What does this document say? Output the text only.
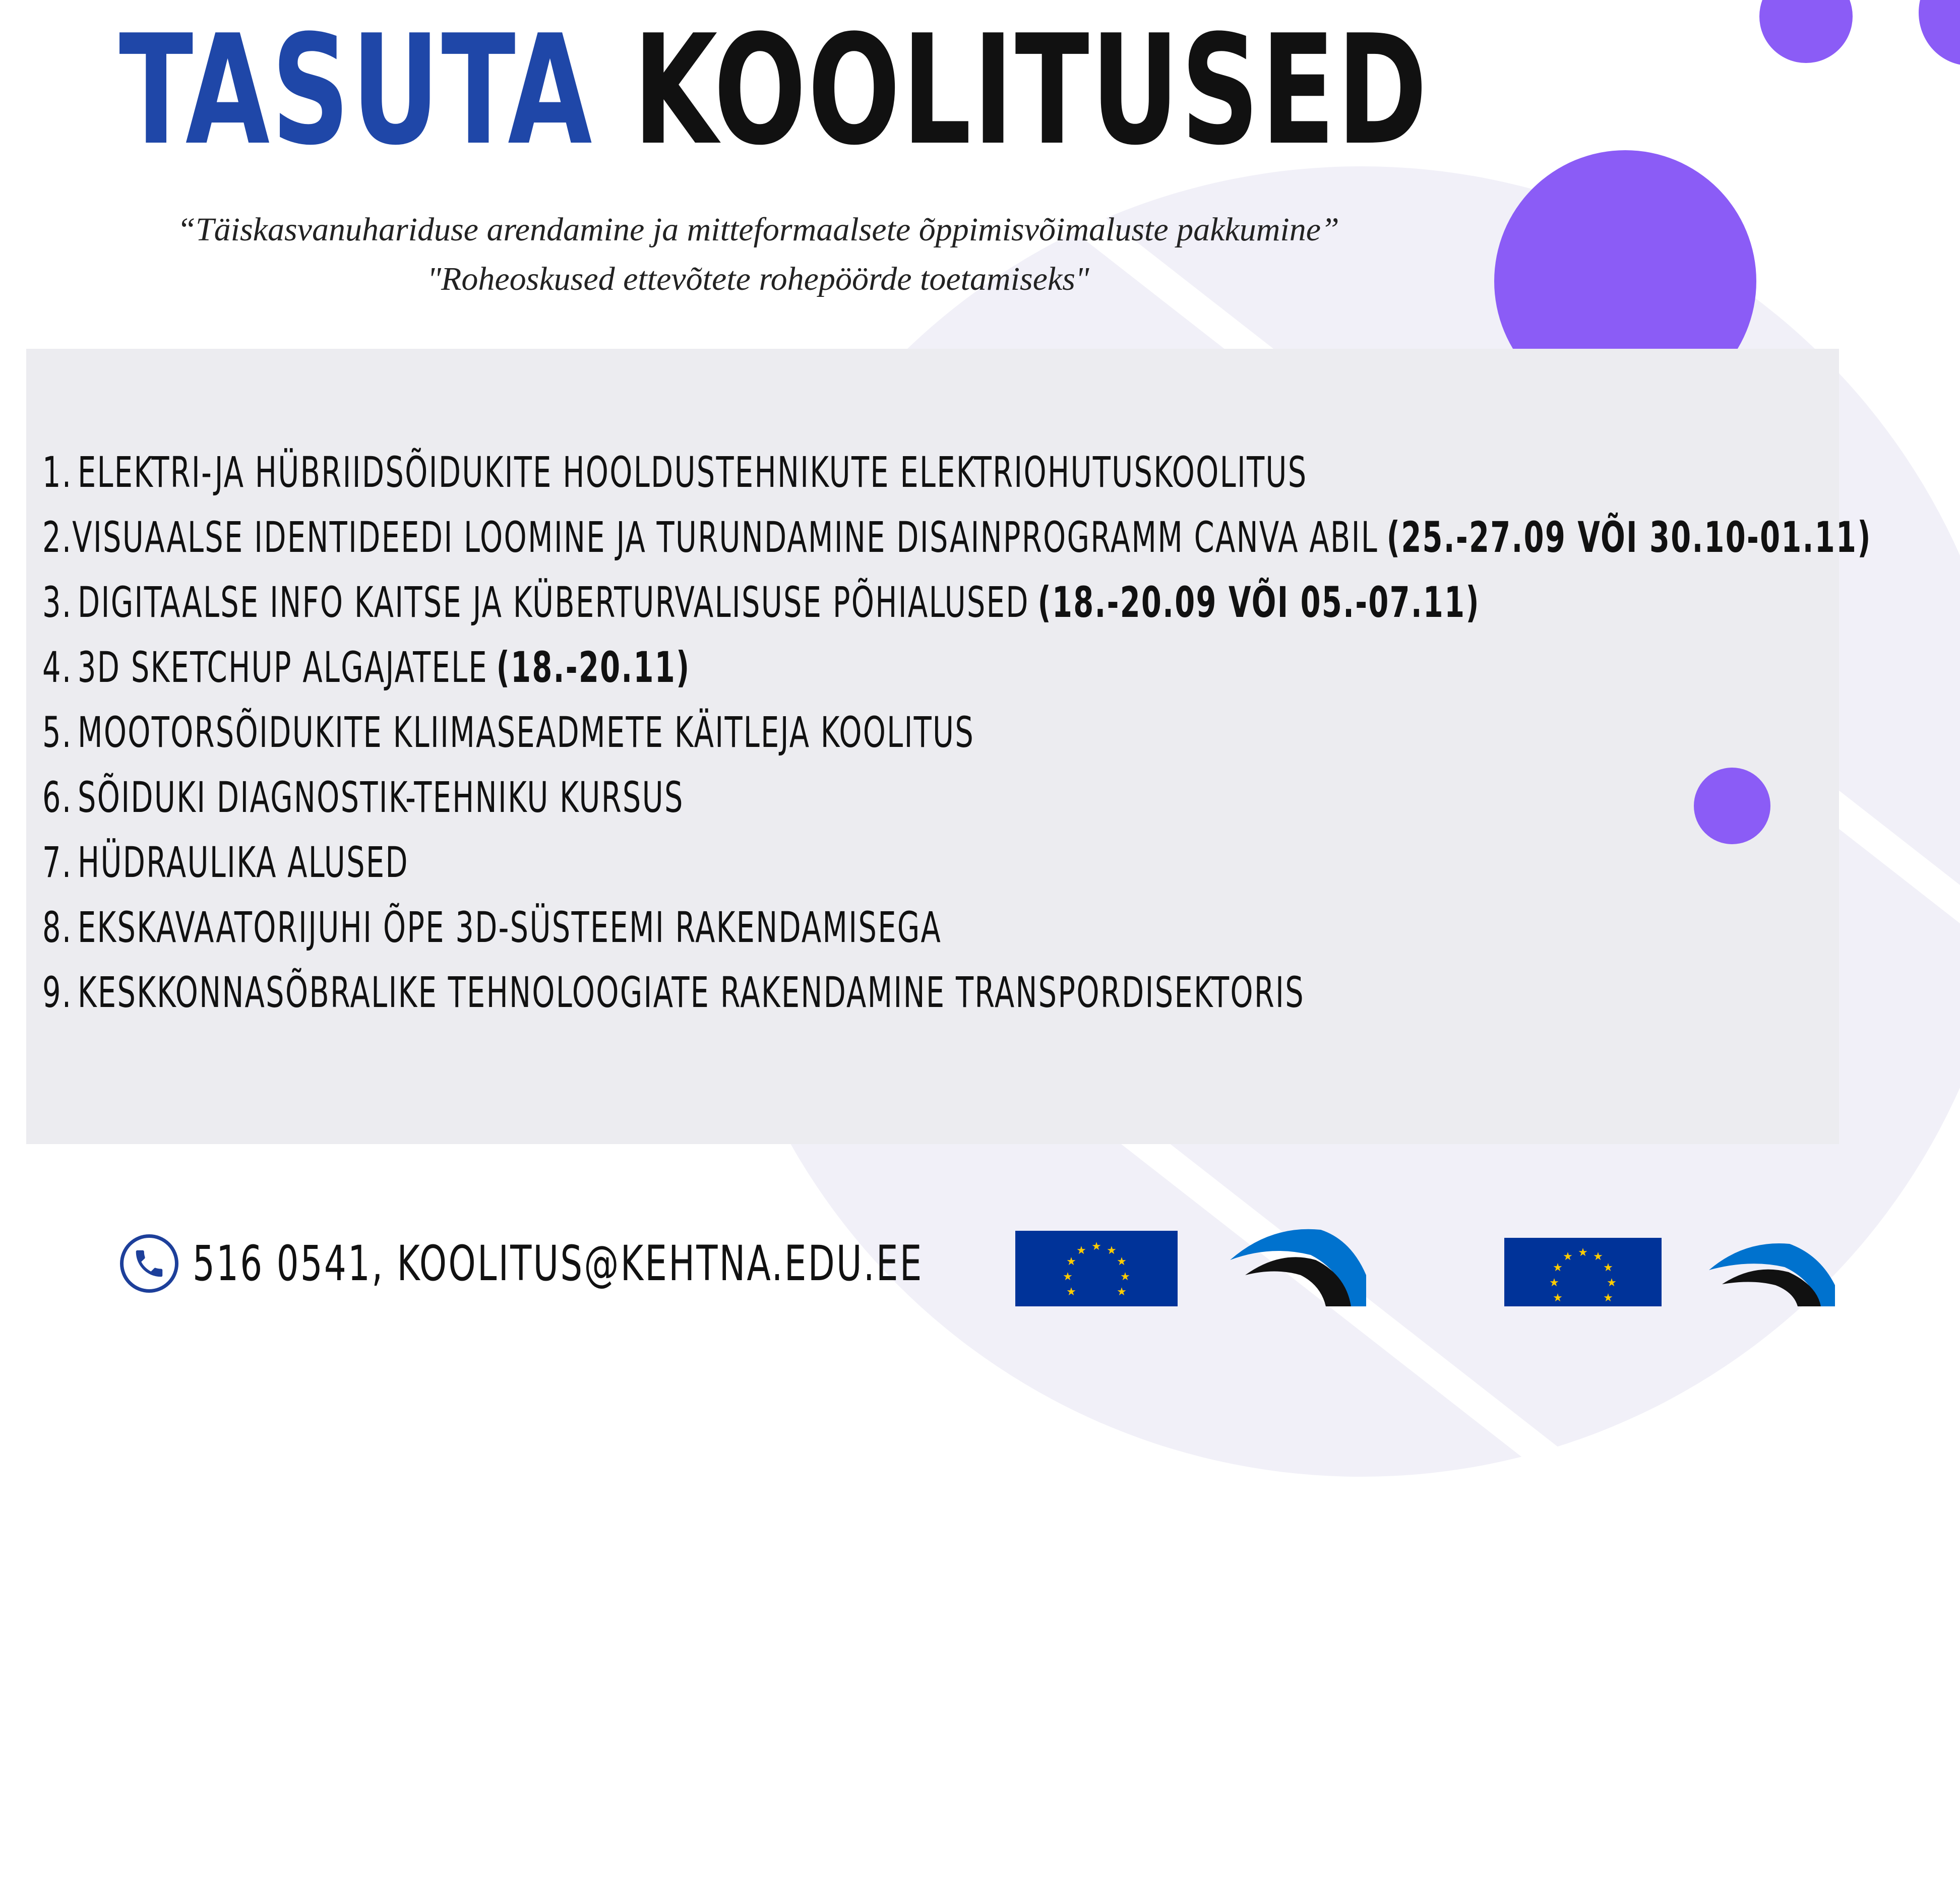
TASUTA KOOLITUSED

“Täiskasvanuhariduse arendamine ja mitteformaalsete õppimisvõimaluste pakkumine”

"Roheoskused ettevõtete rohepöörde toetamiseks"

1. ELEKTRI-JA HÜBRIIDSÕIDUKITE HOOLDUSTEHNIKUTE ELEKTRIOHUTUSKOOLITUS
2. VISUAALSE IDENTIDEEDI LOOMINE JA TURUNDAMINE DISAINPROGRAMM CANVA ABIL (25.-27.09 VÕI 30.10-01.11)
3. DIGITAALSE INFO KAITSE JA KÜBERTURVALISUSE PÕHIALUSED (18.-20.09 VÕI 05.-07.11)
4. 3D SKETCHUP ALGAJATELE (18.-20.11)
5. MOOTORSÕIDUKITE KLIIMASEADMETE KÄITLEJA KOOLITUS
6. SÕIDUKI DIAGNOSTIK-TEHNIKU KURSUS
7. HÜDRAULIKA ALUSED
8. EKSKAVAATORIJUHI ÕPE 3D-SÜSTEEMI RAKENDAMISEGA
9. KESKKONNASÕBRALIKE TEHNOLOOGIATE RAKENDAMINE TRANSPORDISEKTORIS
516 0541, KOOLITUS@KEHTNA.EDU.EE	★ ★
★
★
★
★
★
★
★
★ ★
★
★
★
★
★
★
★
